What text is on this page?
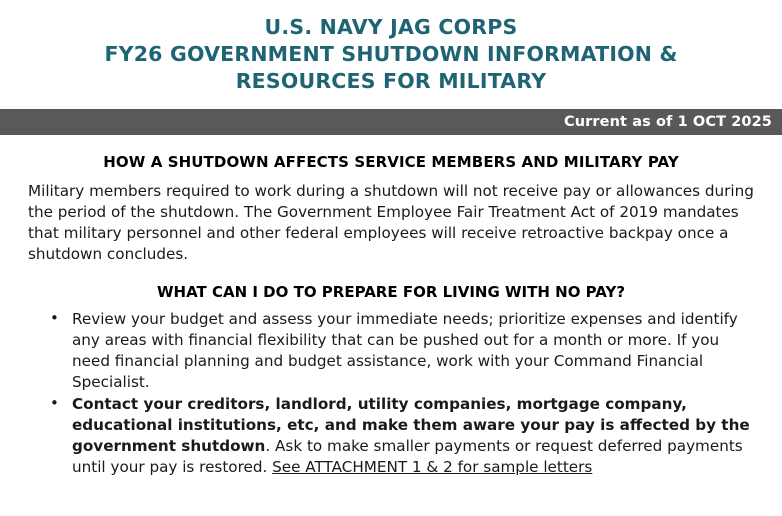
U.S. NAVY JAG CORPS
FY26 GOVERNMENT SHUTDOWN INFORMATION & RESOURCES FOR MILITARY
Current as of 1 OCT 2025
HOW A SHUTDOWN AFFECTS SERVICE MEMBERS AND MILITARY PAY

Military members required to work during a shutdown will not receive pay or allowances during the period of the shutdown. The Government Employee Fair Treatment Act of 2019 mandates that military personnel and other federal employees will receive retroactive backpay once a shutdown concludes.

WHAT CAN I DO TO PREPARE FOR LIVING WITH NO PAY?
• Review your budget and assess your immediate needs; prioritize expenses and identify any areas with financial flexibility that can be pushed out for a month or more. If you need financial planning and budget assistance, work with your Command Financial Specialist.
• Contact your creditors, landlord, utility companies, mortgage company, educational institutions, etc, and make them aware your pay is affected by the government shutdown. Ask to make smaller payments or request deferred payments until your pay is restored. See ATTACHMENT 1 & 2 for sample letters
